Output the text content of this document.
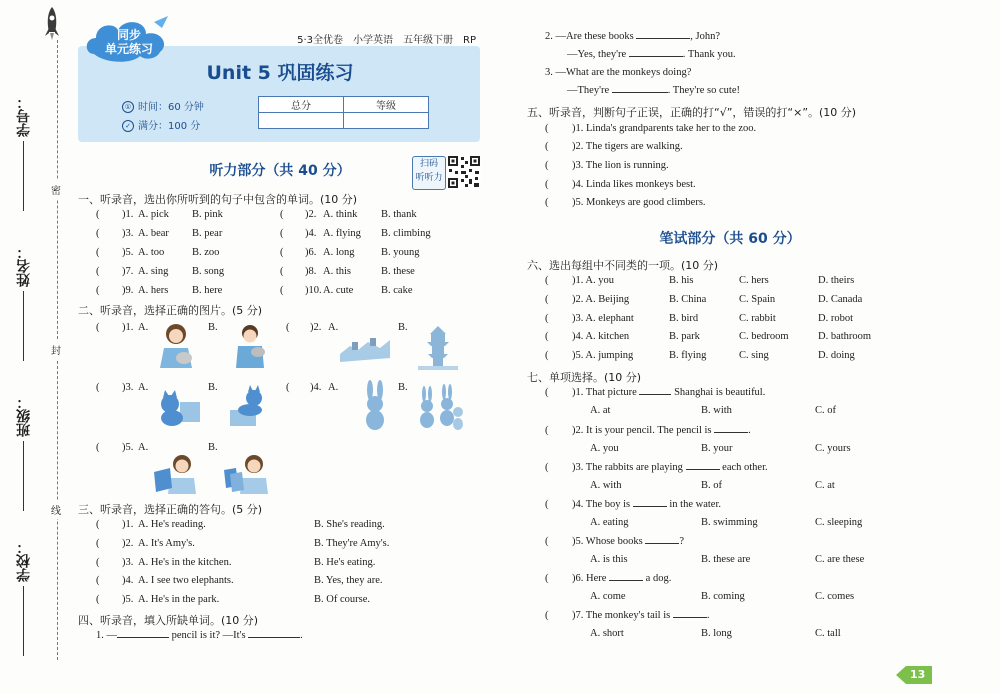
密
封
线
学号：
姓名：
班级：
学校：
5·3全优卷　小学英语　五年级下册　RP
同步
单元练习
Unit 5 巩固练习
① 时间：60 分钟
✓ 满分：100 分
总分	等级

听力部分（共 40 分）	扫码
听听力
一、听录音，选出你所听到的句子中包含的单词。(10 分)
( )1. A. pick B. pink
( )3. A. bear B. pear
( )5. A. too	B. zoo
( )7. A. sing B. song
( )9. A. hers B. here
( )2. A. think B. thank
( )4. A. flying B. climbing
( )6. A. long	B. young
( )8. A. this	B. these
( )10. A. cute	B. cake
二、听录音，选择正确的图片。(5 分)
( )1. A.	B.	( )2. A.	B.
( )3. A.	B.	( )4. A.	B.
( )5. A.	B.
三、听录音，选择正确的答句。(5 分)
( )1. A. He's reading.	B. She's reading.
( )2. A. It's Amy's.	B. They're Amy's.
( )3. A. He's in the kitchen.	B. He's eating.
( )4. A. I see two elephants.	B. Yes, they are.
( )5. A. He's in the park.	B. Of course.
四、听录音，填入所缺单词。(10 分)
1. —	pencil is it? —It's	.
2. —Are these books	, John?
—Yes, they're	. Thank you.
3. —What are the monkeys doing?
—They're	. They're so cute!
五、听录音，判断句子正误，正确的打“√”，错误的打“×”。(10 分)
( )1. Linda's grandparents take her to the zoo.
( )2. The tigers are walking.
( )3. The lion is running.
( )4. Linda likes monkeys best.
( )5. Monkeys are good climbers.
笔试部分（共 60 分）
六、选出每组中不同类的一项。(10 分)
( )1. A. you	B. his	C. hers	D. theirs
( )2. A. Beijing	B. China	C. Spain	D. Canada
( )3. A. elephant	B. bird	C. rabbit	D. robot
( )4. A. kitchen	B. park	C. bedroom	D. bathroom
( )5. A. jumping	B. flying	C. sing	D. doing
七、单项选择。(10 分)
( )1. That picture	Shanghai is beautiful.
A. at	B. with	C. of
( )2. It is your pencil. The pencil is	.
A. you	B. your	C. yours
( )3. The rabbits are playing	each other.
A. with	B. of	C. at
( )4. The boy is	in the water.
A. eating	B. swimming	C. sleeping
( )5. Whose books	?
A. is this	B. these are	C. are these
( )6. Here	a dog.
A. come	B. coming	C. comes
( )7. The monkey's tail is	.
A. short	B. long	C. tall
13
